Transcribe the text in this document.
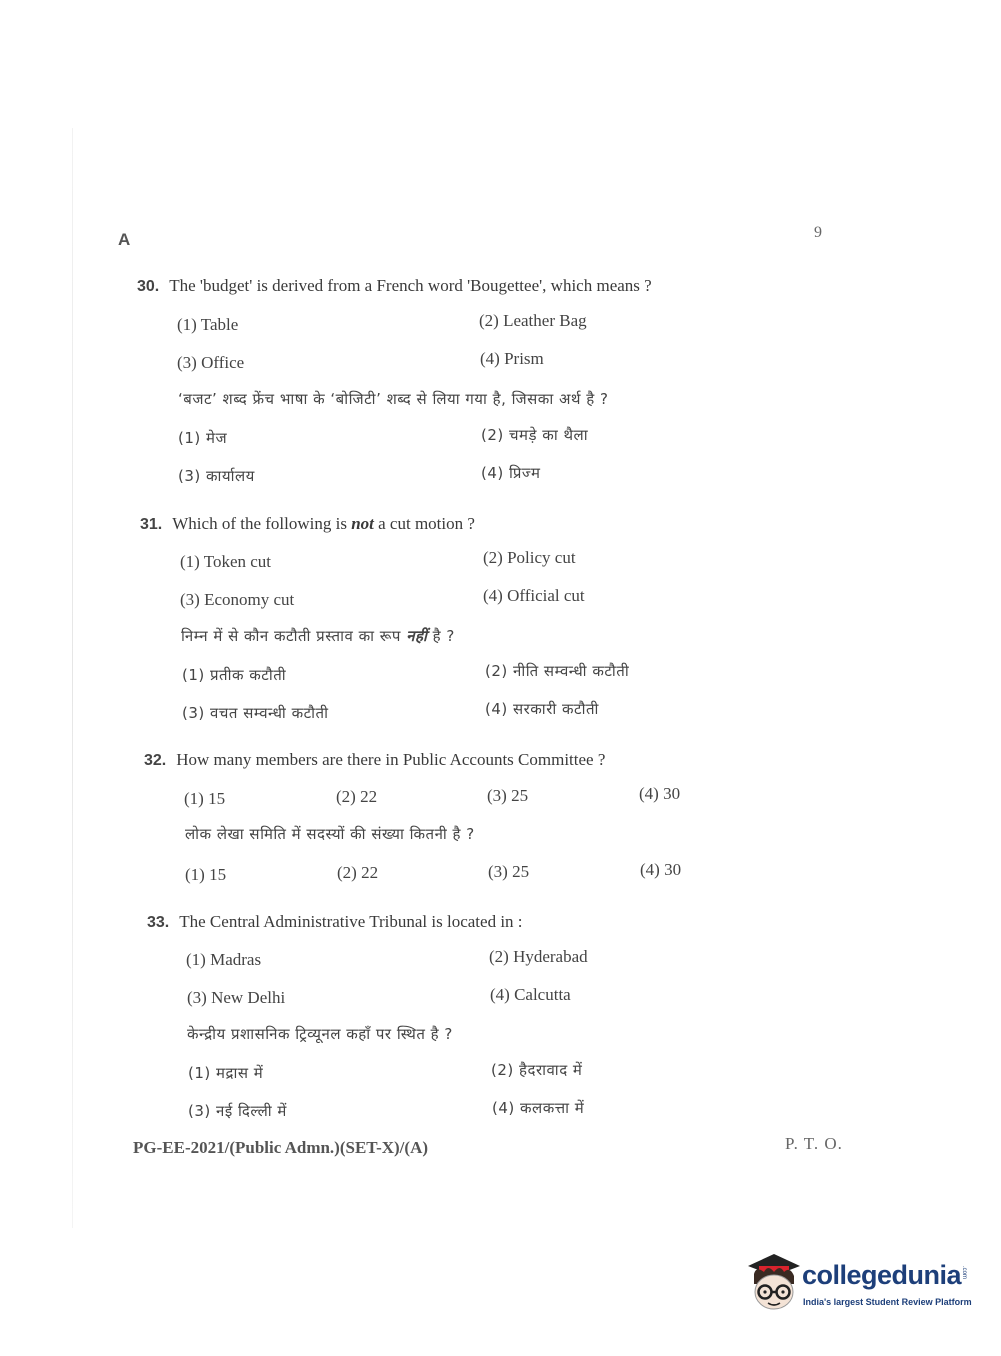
A	9
30. The 'budget' is derived from a French word 'Bougettee', which means ?
(1) Table	(2) Leather Bag
(3) Office	(4) Prism
‘बजट’ शब्द फ्रेंच भाषा के ‘बोजिटी’ शब्द से लिया गया है, जिसका अर्थ है ?
(1) मेज	(2) चमड़े का थैला
(3) कार्यालय	(4) प्रिज्म
31. Which of the following is not a cut motion ?
(1) Token cut	(2) Policy cut
(3) Economy cut	(4) Official cut
निम्न में से कौन कटौती प्रस्ताव का रूप नहीं है ?
(1) प्रतीक कटौती	(2) नीति सम्वन्धी कटौती
(3) वचत सम्वन्धी कटौती	(4) सरकारी कटौती
32. How many members are there in Public Accounts Committee ?
(1) 15	(2) 22	(3) 25	(4) 30
लोक लेखा समिति में सदस्यों की संख्या कितनी है ?
(1) 15	(2) 22	(3) 25	(4) 30
33. The Central Administrative Tribunal is located in :
(1) Madras	(2) Hyderabad
(3) New Delhi	(4) Calcutta
केन्द्रीय प्रशासनिक ट्रिव्यूनल कहाँ पर स्थित है ?
(1) मद्रास में	(2) हैदरावाद में
(3) नई दिल्ली में	(4) कलकत्ता में
PG-EE-2021/(Public Admn.)(SET-X)/(A)	P. T. O.
collegedunia .com
India's largest Student Review Platform
